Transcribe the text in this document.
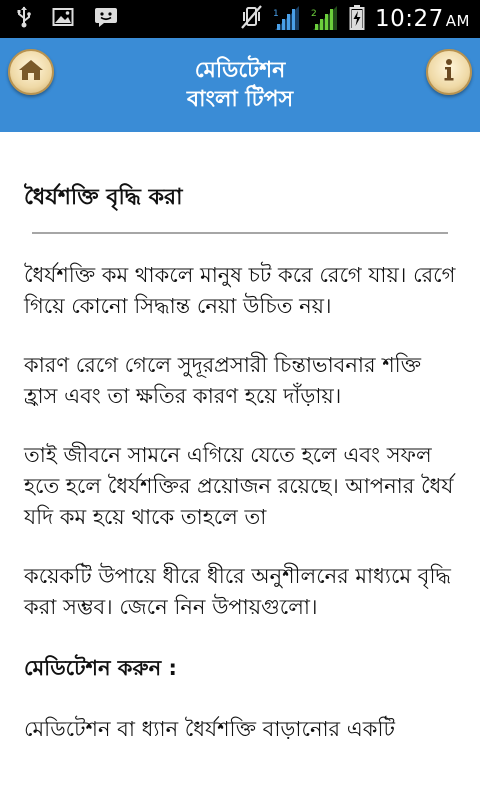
1	2	10:27 AM
মেডিটেশন
বাংলা টিপস
ধৈর্যশক্তি বৃদ্ধি করা
ধৈর্যশক্তি কম থাকলে মানুষ চট করে রেগে যায়। রেগে গিয়ে কোনো সিদ্ধান্ত নেয়া উচিত নয়।
কারণ রেগে গেলে সুদূরপ্রসারী চিন্তাভাবনার শক্তি হ্রাস এবং তা ক্ষতির কারণ হয়ে দাঁড়ায়।
তাই জীবনে সামনে এগিয়ে যেতে হলে এবং সফল হতে হলে ধৈর্যশক্তির প্রয়োজন রয়েছে। আপনার ধৈর্য যদি কম হয়ে থাকে তাহলে তা
কয়েকটি উপায়ে ধীরে ধীরে অনুশীলনের মাধ্যমে বৃদ্ধি করা সম্ভব। জেনে নিন উপায়গুলো।
মেডিটেশন করুন :
মেডিটেশন বা ধ্যান ধৈর্যশক্তি বাড়ানোর একটি
